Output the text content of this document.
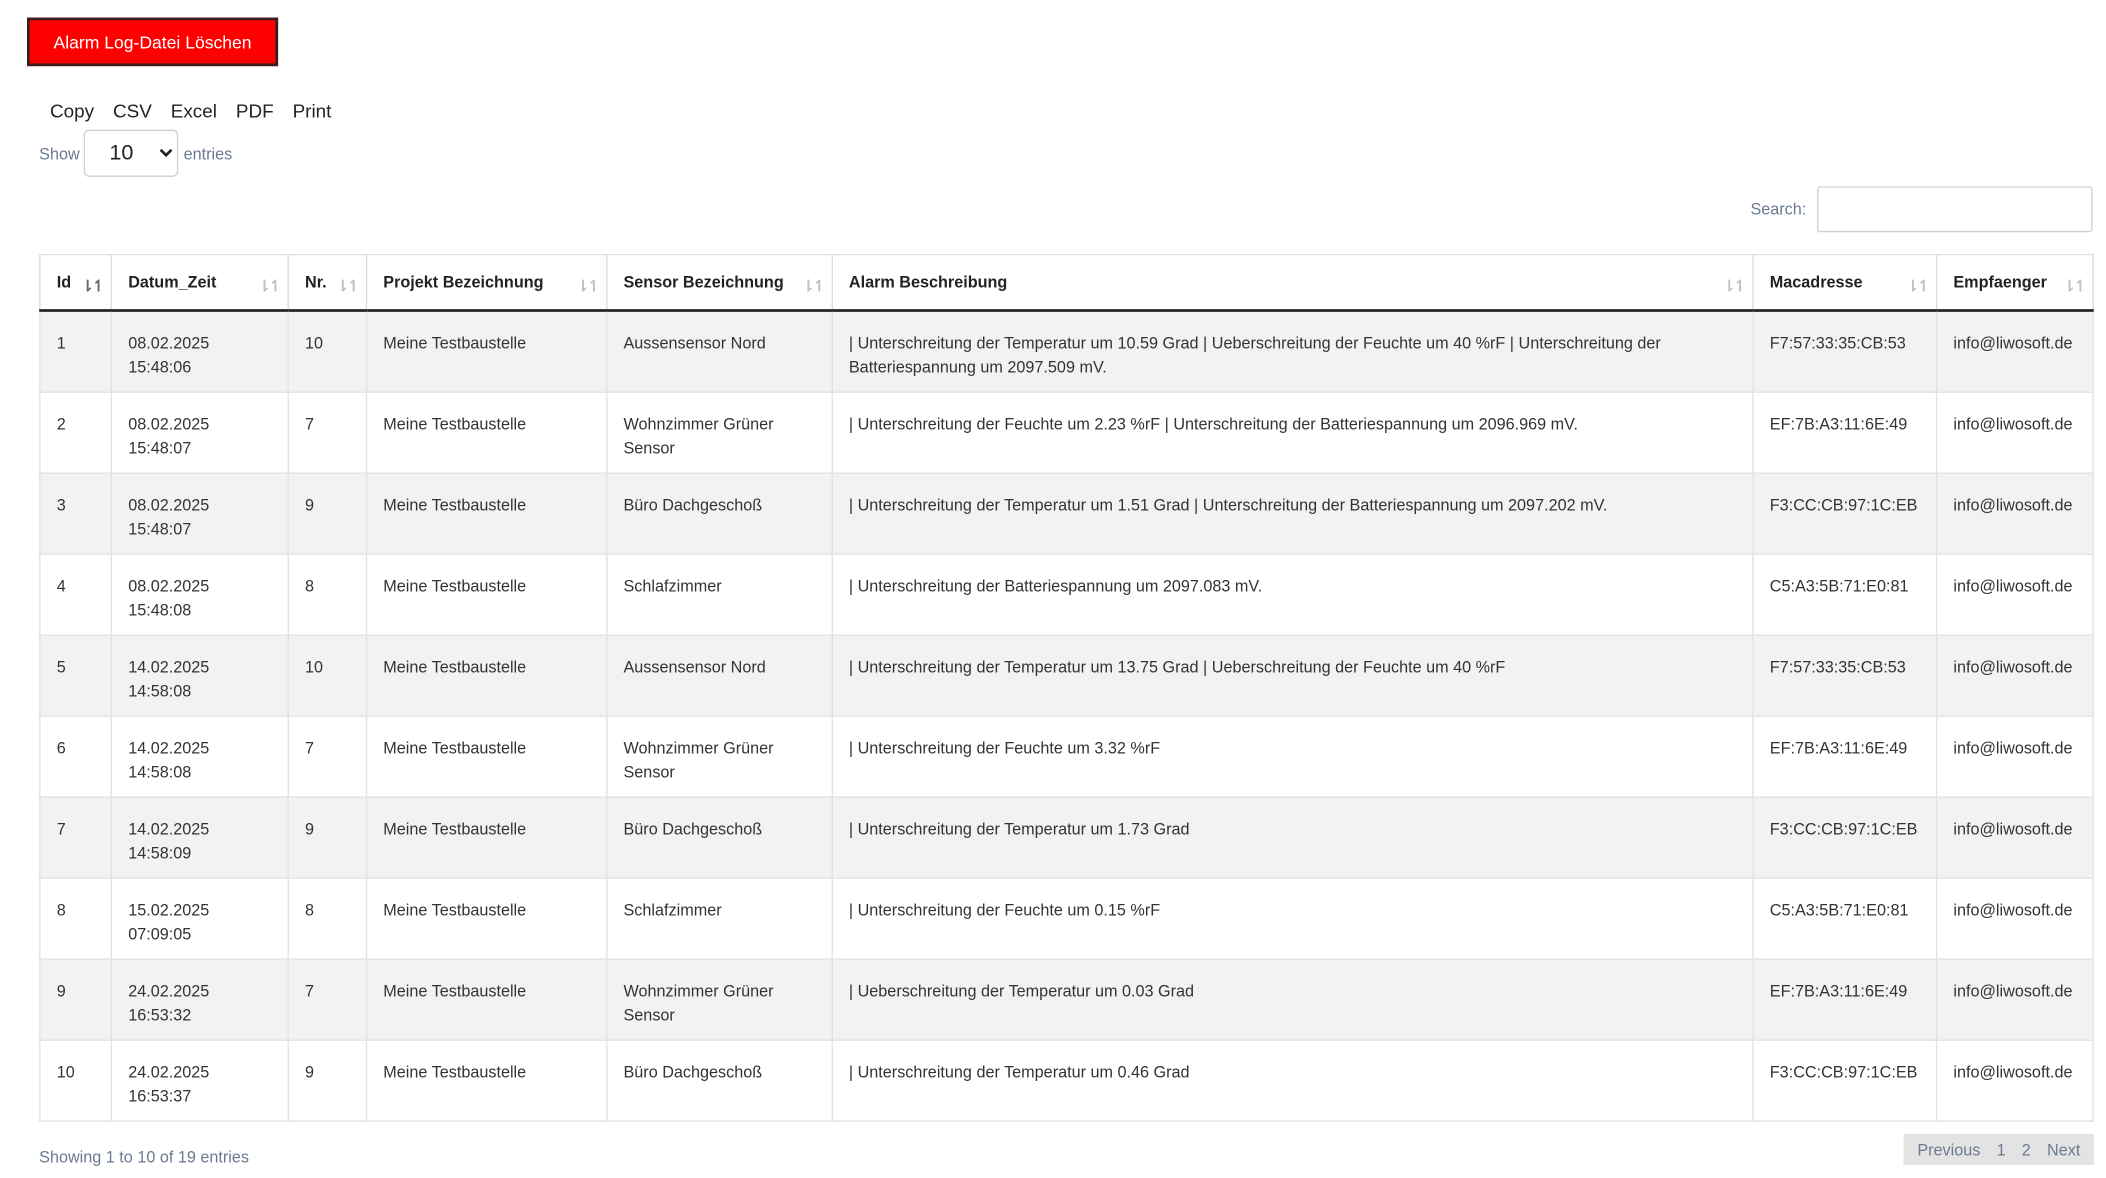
Alarm Log-Datei Löschen
Copy	CSV	Excel	PDF	Print
Show
10	entries
Search:
Id ⇂↿	Datum_Zeit ⇂↿	Nr. ⇂↿	Projekt Bezeichnung ⇂↿	Sensor Bezeichnung ⇂↿	Alarm Beschreibung ⇂↿	Macadresse ⇂↿	Empfaenger ⇂↿

1	08.02.2025 15:48:06	10	Meine Testbaustelle	Aussensensor Nord	| Unterschreitung der Temperatur um 10.59 Grad | Ueberschreitung der Feuchte um 40 %rF | Unterschreitung der Batteriespannung um 2097.509 mV.	F7:57:33:35:CB:53	info@liwosoft.de
2	08.02.2025 15:48:07	7	Meine Testbaustelle	Wohnzimmer Grüner Sensor	| Unterschreitung der Feuchte um 2.23 %rF | Unterschreitung der Batteriespannung um 2096.969 mV.	EF:7B:A3:11:6E:49	info@liwosoft.de
3	08.02.2025 15:48:07	9	Meine Testbaustelle	Büro Dachgeschoß	| Unterschreitung der Temperatur um 1.51 Grad | Unterschreitung der Batteriespannung um 2097.202 mV.	F3:CC:CB:97:1C:EB	info@liwosoft.de
4	08.02.2025 15:48:08	8	Meine Testbaustelle	Schlafzimmer	| Unterschreitung der Batteriespannung um 2097.083 mV.	C5:A3:5B:71:E0:81	info@liwosoft.de
5	14.02.2025 14:58:08	10	Meine Testbaustelle	Aussensensor Nord	| Unterschreitung der Temperatur um 13.75 Grad | Ueberschreitung der Feuchte um 40 %rF	F7:57:33:35:CB:53	info@liwosoft.de
6	14.02.2025 14:58:08	7	Meine Testbaustelle	Wohnzimmer Grüner Sensor	| Unterschreitung der Feuchte um 3.32 %rF	EF:7B:A3:11:6E:49	info@liwosoft.de
7	14.02.2025 14:58:09	9	Meine Testbaustelle	Büro Dachgeschoß	| Unterschreitung der Temperatur um 1.73 Grad	F3:CC:CB:97:1C:EB	info@liwosoft.de
8	15.02.2025 07:09:05	8	Meine Testbaustelle	Schlafzimmer	| Unterschreitung der Feuchte um 0.15 %rF	C5:A3:5B:71:E0:81	info@liwosoft.de
9	24.02.2025 16:53:32	7	Meine Testbaustelle	Wohnzimmer Grüner Sensor	| Ueberschreitung der Temperatur um 0.03 Grad	EF:7B:A3:11:6E:49	info@liwosoft.de
10	24.02.2025 16:53:37	9	Meine Testbaustelle	Büro Dachgeschoß	| Unterschreitung der Temperatur um 0.46 Grad	F3:CC:CB:97:1C:EB	info@liwosoft.de
Showing 1 to 10 of 19 entries	Previous	1	2	Next
